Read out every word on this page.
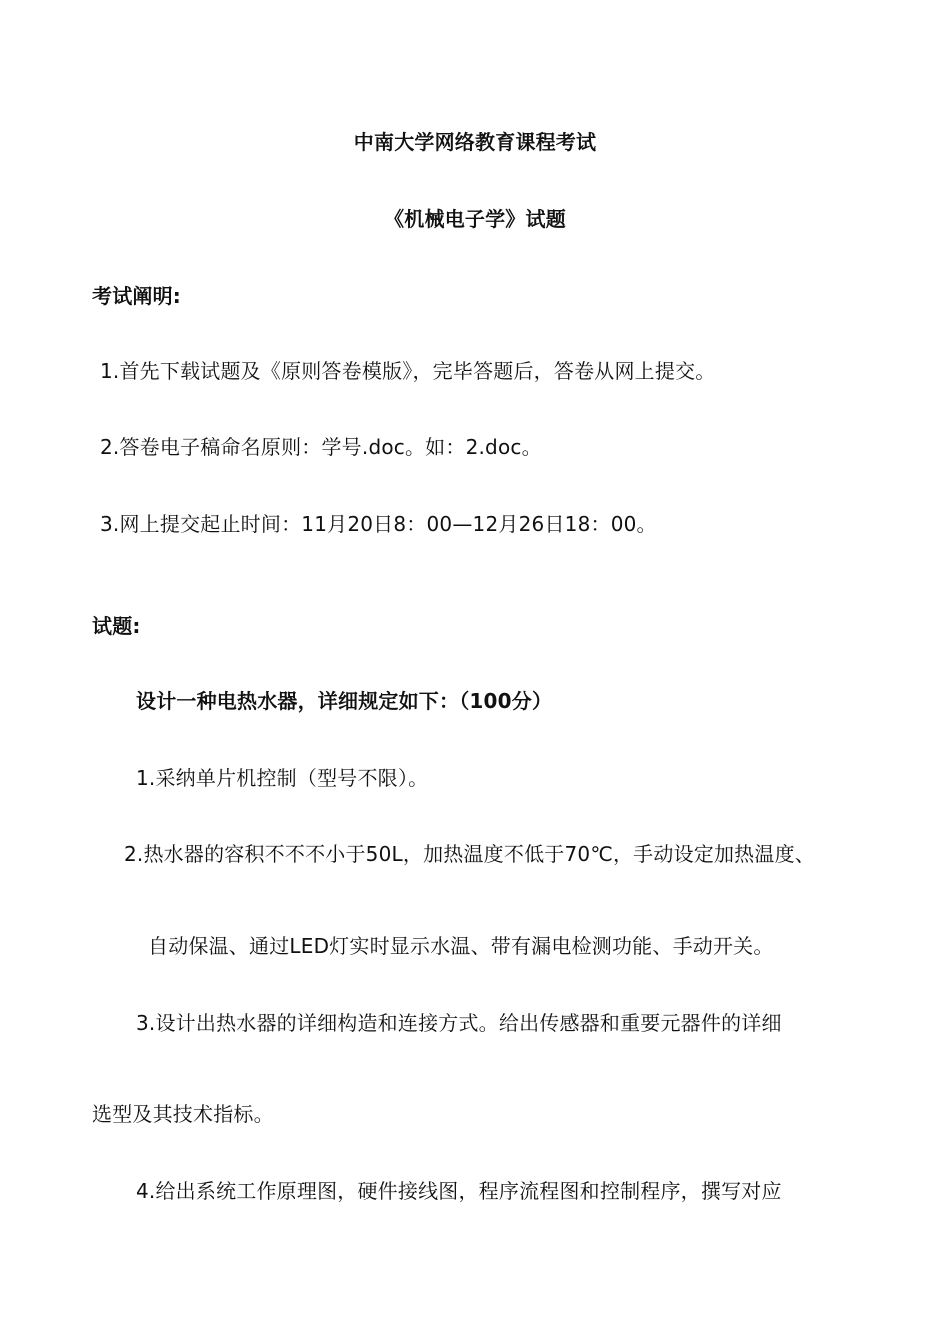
中南大学网络教育课程考试
《机械电子学》试题
考试阐明:
1.首先下载试题及《原则答卷模版》，完毕答题后，答卷从网上提交。
2.答卷电子稿命名原则：学号.doc。如：2.doc。
3.网上提交起止时间：11月20日8：00—12月26日18：00。
试题:
设计一种电热水器，详细规定如下：（100分）
1.采纳单片机控制（型号不限）。
2.热水器的容积不不不小于50L，加热温度不低于70℃，手动设定加热温度、
自动保温、通过LED灯实时显示水温、带有漏电检测功能、手动开关。
3.设计出热水器的详细构造和连接方式。给出传感器和重要元器件的详细
选型及其技术指标。
4.给出系统工作原理图，硬件接线图，程序流程图和控制程序，撰写对应
